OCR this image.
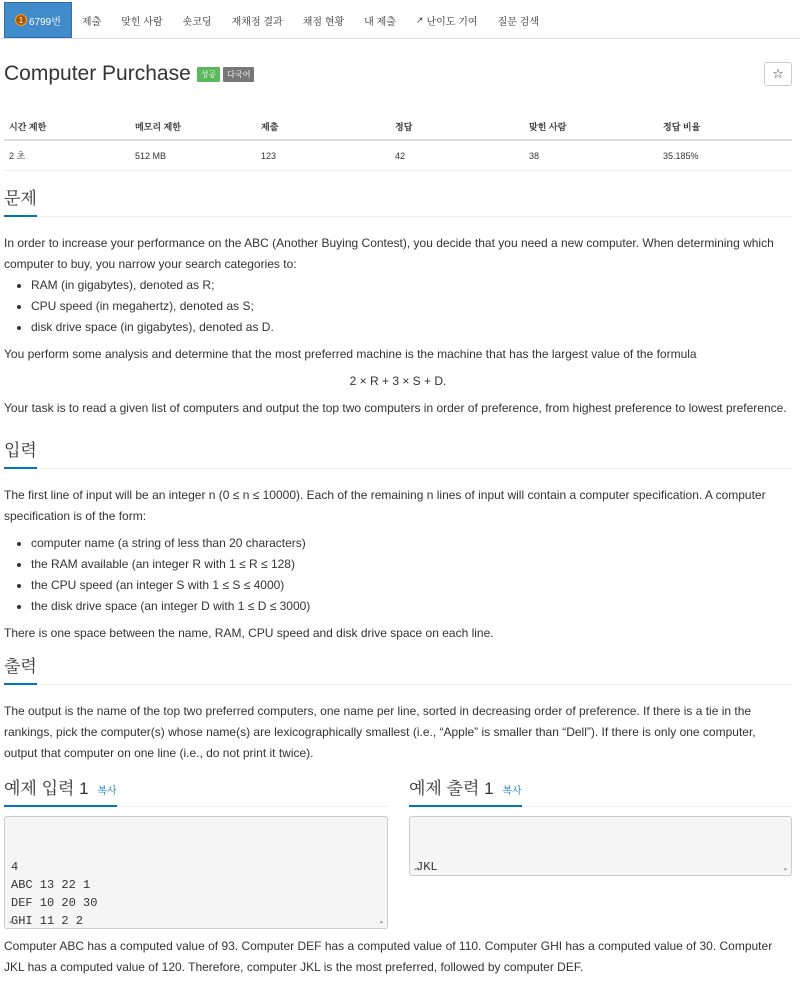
1 6799번	제출	맞힌 사람	숏코딩	재채점 결과	채점 현황	내 제출	↗ 난이도 기여	질문 검색
Computer Purchase	성공	다국어	☆
시간 제한	메모리 제한	제출	정답	맞힌 사람	정답 비율
2 초	512 MB	123	42	38	35.185%
문제

In order to increase your performance on the ABC (Another Buying Contest), you decide that you need a new computer. When determining which computer to buy, you narrow your search categories to:

• RAM (in gigabytes), denoted as R;
• CPU speed (in megahertz), denoted as S;
• disk drive space (in gigabytes), denoted as D.

You perform some analysis and determine that the most preferred machine is the machine that has the largest value of the formula

2 × R + 3 × S + D.

Your task is to read a given list of computers and output the top two computers in order of preference, from highest preference to lowest preference.

입력

The first line of input will be an integer n (0 ≤ n ≤ 10000). Each of the remaining n lines of input will contain a computer specification. A computer specification is of the form:

• computer name (a string of less than 20 characters)
• the RAM available (an integer R with 1 ≤ R ≤ 128)
• the CPU speed (an integer S with 1 ≤ S ≤ 4000)
• the disk drive space (an integer D with 1 ≤ D ≤ 3000)

There is one space between the name, RAM, CPU speed and disk drive space on each line.

출력

The output is the name of the top two preferred computers, one name per line, sorted in decreasing order of preference. If there is a tie in the rankings, pick the computer(s) whose name(s) are lexicographically smallest (i.e., “Apple” is smaller than “Dell”). If there is only one computer, output that computer on one line (i.e., do not print it twice).

예제 입력 1 복사

4
ABC 13 22 1
DEF 10 20 30
GHI 11 2 2

◂	▸

예제 출력 1 복사

JKL

◂	▸

Computer ABC has a computed value of 93. Computer DEF has a computed value of 110. Computer GHI has a computed value of 30. Computer JKL has a computed value of 120. Therefore, computer JKL is the most preferred, followed by computer DEF.
